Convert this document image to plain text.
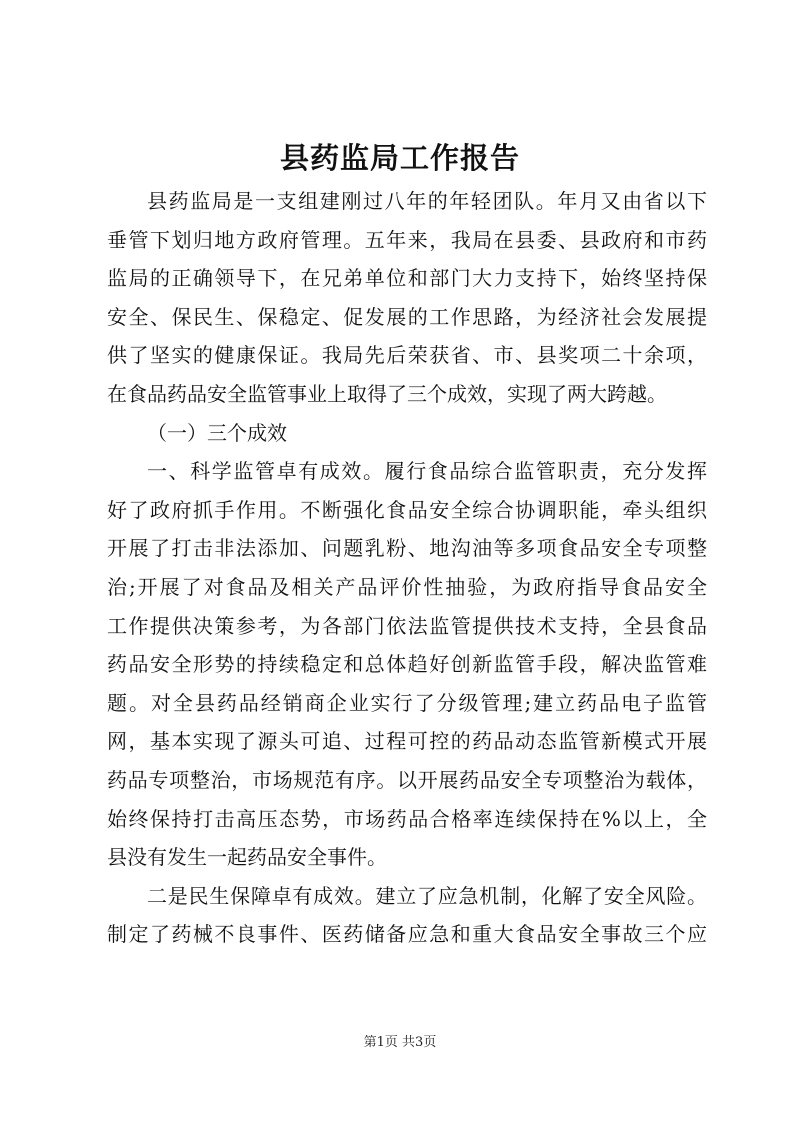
县药监局工作报告
县药监局是一支组建刚过八年的年轻团队。年月又由省以下
垂管下划归地方政府管理。五年来，我局在县委、县政府和市药
监局的正确领导下，在兄弟单位和部门大力支持下，始终坚持保
安全、保民生、保稳定、促发展的工作思路，为经济社会发展提
供了坚实的健康保证。我局先后荣获省、市、县奖项二十余项，
在食品药品安全监管事业上取得了三个成效，实现了两大跨越。
（一）三个成效
一、科学监管卓有成效。履行食品综合监管职责，充分发挥
好了政府抓手作用。不断强化食品安全综合协调职能，牵头组织
开展了打击非法添加、问题乳粉、地沟油等多项食品安全专项整
治;开展了对食品及相关产品评价性抽验，为政府指导食品安全
工作提供决策参考，为各部门依法监管提供技术支持，全县食品
药品安全形势的持续稳定和总体趋好创新监管手段，解决监管难
题。对全县药品经销商企业实行了分级管理;建立药品电子监管
网，基本实现了源头可追、过程可控的药品动态监管新模式开展
药品专项整治，市场规范有序。以开展药品安全专项整治为载体，
始终保持打击高压态势，市场药品合格率连续保持在%以上，全
县没有发生一起药品安全事件。
二是民生保障卓有成效。建立了应急机制，化解了安全风险。
制定了药械不良事件、医药储备应急和重大食品安全事故三个应
第1页 共3页
